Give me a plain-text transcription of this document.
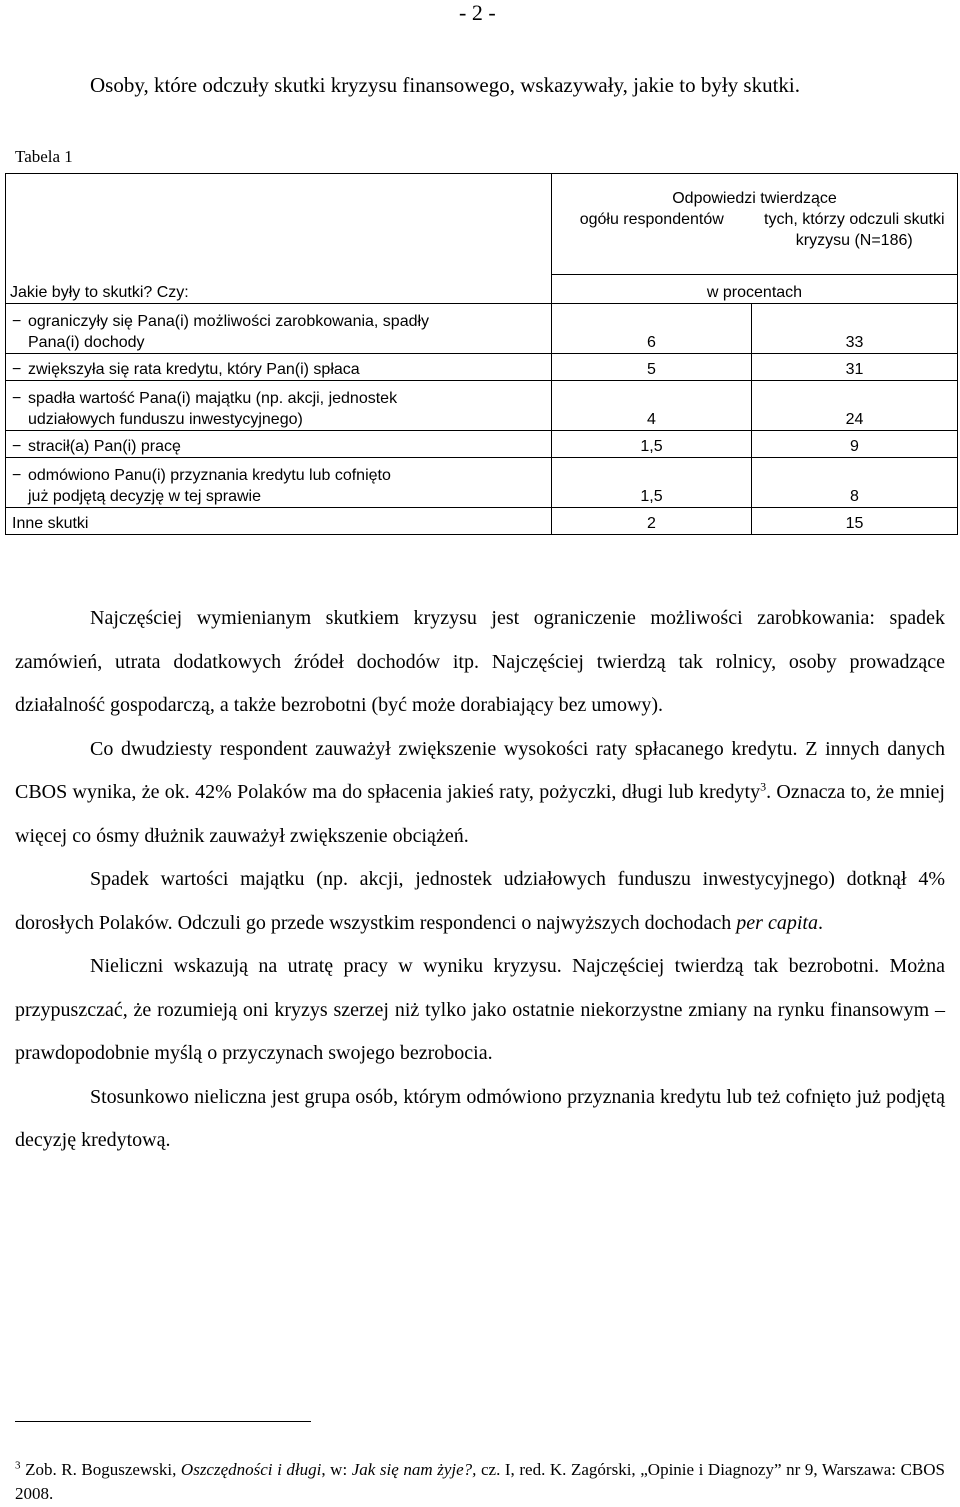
- 2 -
Osoby, które odczuły skutki kryzysu finansowego, wskazywały, jakie to były skutki.
Tabela 1
Jakie były to skutki? Czy:	Odpowiedzi twierdzące	
	ogółu respondentów	tych, którzy odczuli skutki kryzysu (N=186)
	w procentach	
− ograniczyły się Pana(i) możliwości zarobkowania, spadły
Pana(i) dochody	6	33
− zwiększyła się rata kredytu, który Pan(i) spłaca	5	31
− spadła wartość Pana(i) majątku (np. akcji, jednostek
udziałowych funduszu inwestycyjnego)	4	24
− stracił(a) Pan(i) pracę	1,5	9
− odmówiono Panu(i) przyznania kredytu lub cofnięto
już podjętą decyzję w tej sprawie	1,5	8
Inne skutki	2	15

Najczęściej wymienianym skutkiem kryzysu jest ograniczenie możliwości zarobkowania: spadek zamówień, utrata dodatkowych źródeł dochodów itp. Najczęściej twierdzą tak rolnicy, osoby prowadzące działalność gospodarczą, a także bezrobotni (być może dorabiający bez umowy).

Co dwudziesty respondent zauważył zwiększenie wysokości raty spłacanego kredytu. Z innych danych CBOS wynika, że ok. 42% Polaków ma do spłacenia jakieś raty, pożyczki, długi lub kredyty$^3$. Oznacza to, że mniej więcej co ósmy dłużnik zauważył zwiększenie obciążeń.

Spadek wartości majątku (np. akcji, jednostek udziałowych funduszu inwestycyjnego) dotknął 4% dorosłych Polaków. Odczuli go przede wszystkim respondenci o najwyższych dochodach per capita.

Nieliczni wskazują na utratę pracy w wyniku kryzysu. Najczęściej twierdzą tak bezrobotni. Można przypuszczać, że rozumieją oni kryzys szerzej niż tylko jako ostatnie niekorzystne zmiany na rynku finansowym – prawdopodobnie myślą o przyczynach swojego bezrobocia.

Stosunkowo nieliczna jest grupa osób, którym odmówiono przyznania kredytu lub też cofnięto już podjętą decyzję kredytową.

$^3$ Zob. R. Boguszewski, Oszczędności i długi, w: Jak się nam żyje?, cz. I, red. K. Zagórski, „Opinie i Diagnozy” nr 9, Warszawa: CBOS 2008.
